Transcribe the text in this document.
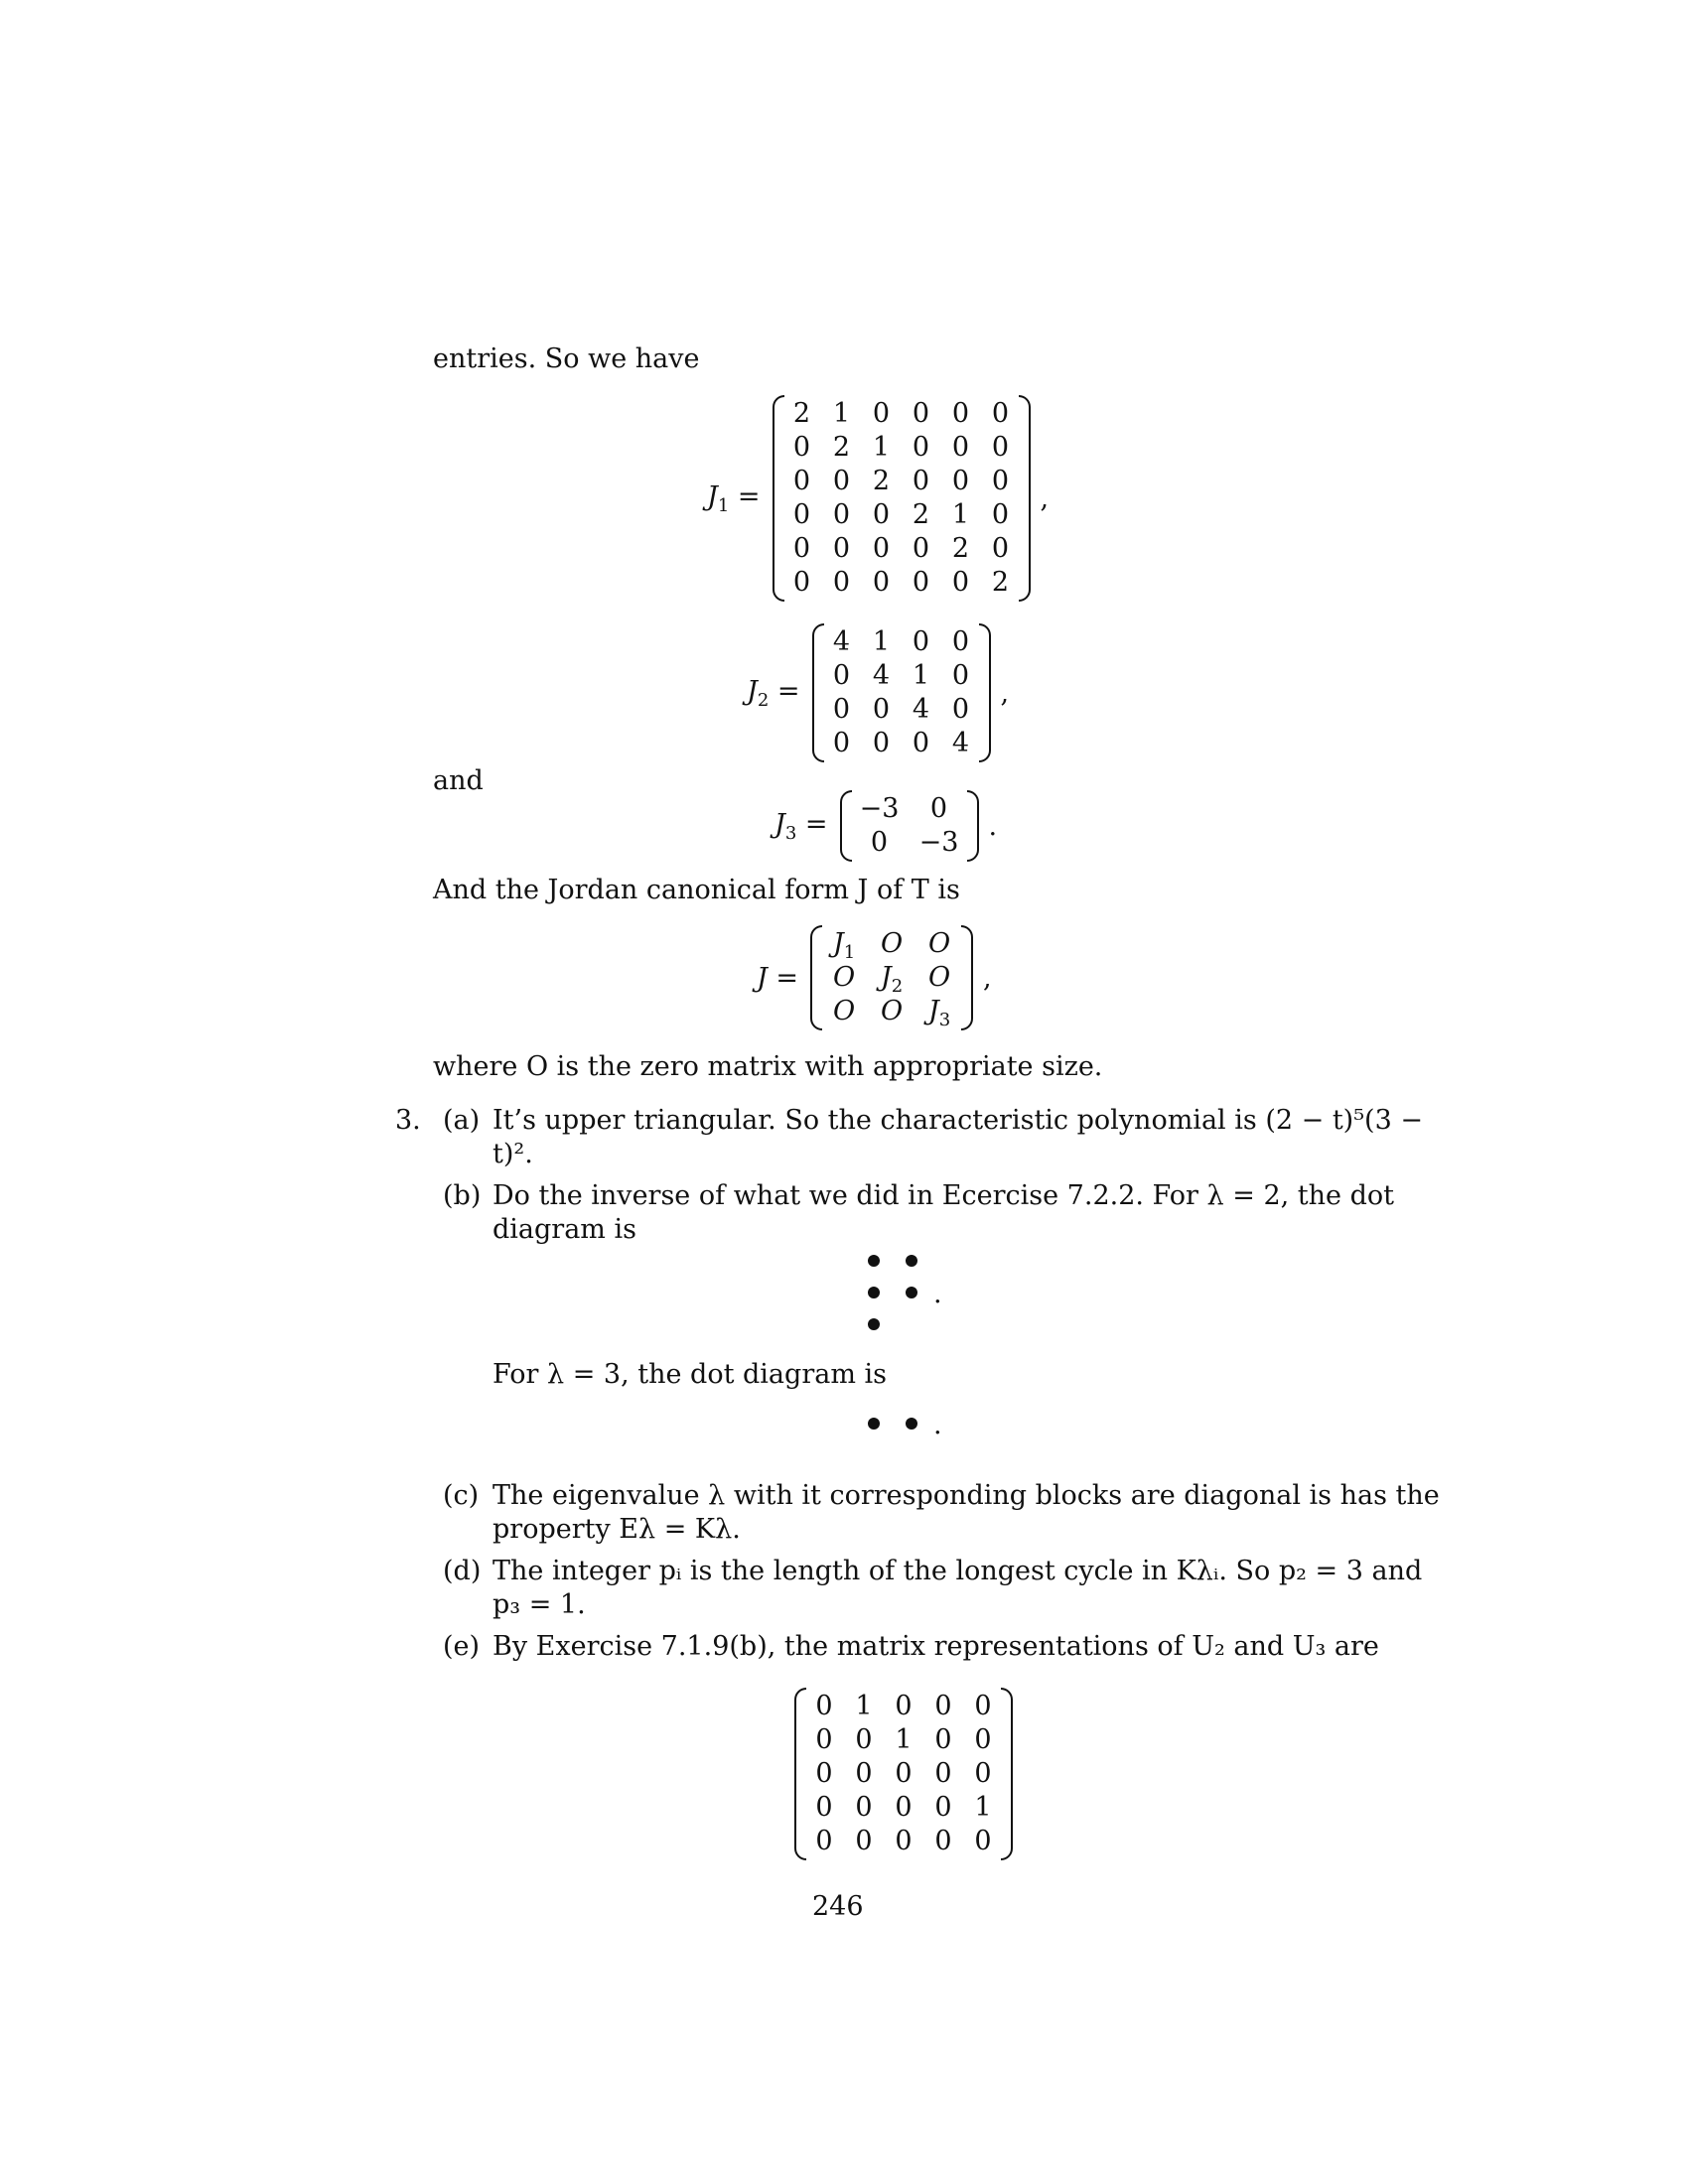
entries. So we have
$J_1$ =
2 1 0 0 0 0
0 2 1 0 0 0
0 0 2 0 0 0
0 0 0 2 1 0
0 0 0 0 2 0
0 0 0 0 0 2
,
$J_2$ =
4 1 0 0
0 4 1 0
0 0 4 0
0 0 0 4
,
and
$J_3$ =	−3	0
0	−3
.
And the Jordan canonical form J of T is
J =
$J_1$ O O
O $J_2$ O
O O $J_3$
,
where O is the zero matrix with appropriate size.
3. (a) It’s upper triangular. So the characteristic polynomial is (2 − t)⁵(3 −
t)².
(b) Do the inverse of what we did in Ecercise 7.2.2. For λ = 2, the dot
diagram is
.
For λ = 3, the dot diagram is
.
(c) The eigenvalue λ with it corresponding blocks are diagonal is has the
property Eλ = Kλ.
(d) The integer pᵢ is the length of the longest cycle in Kλᵢ. So p₂ = 3 and
p₃ = 1.
(e) By Exercise 7.1.9(b), the matrix representations of U₂ and U₃ are
0 1 0 0 0
0 0 1 0 0
0 0 0 0 0
0 0 0 0 1
0 0 0 0 0
246
